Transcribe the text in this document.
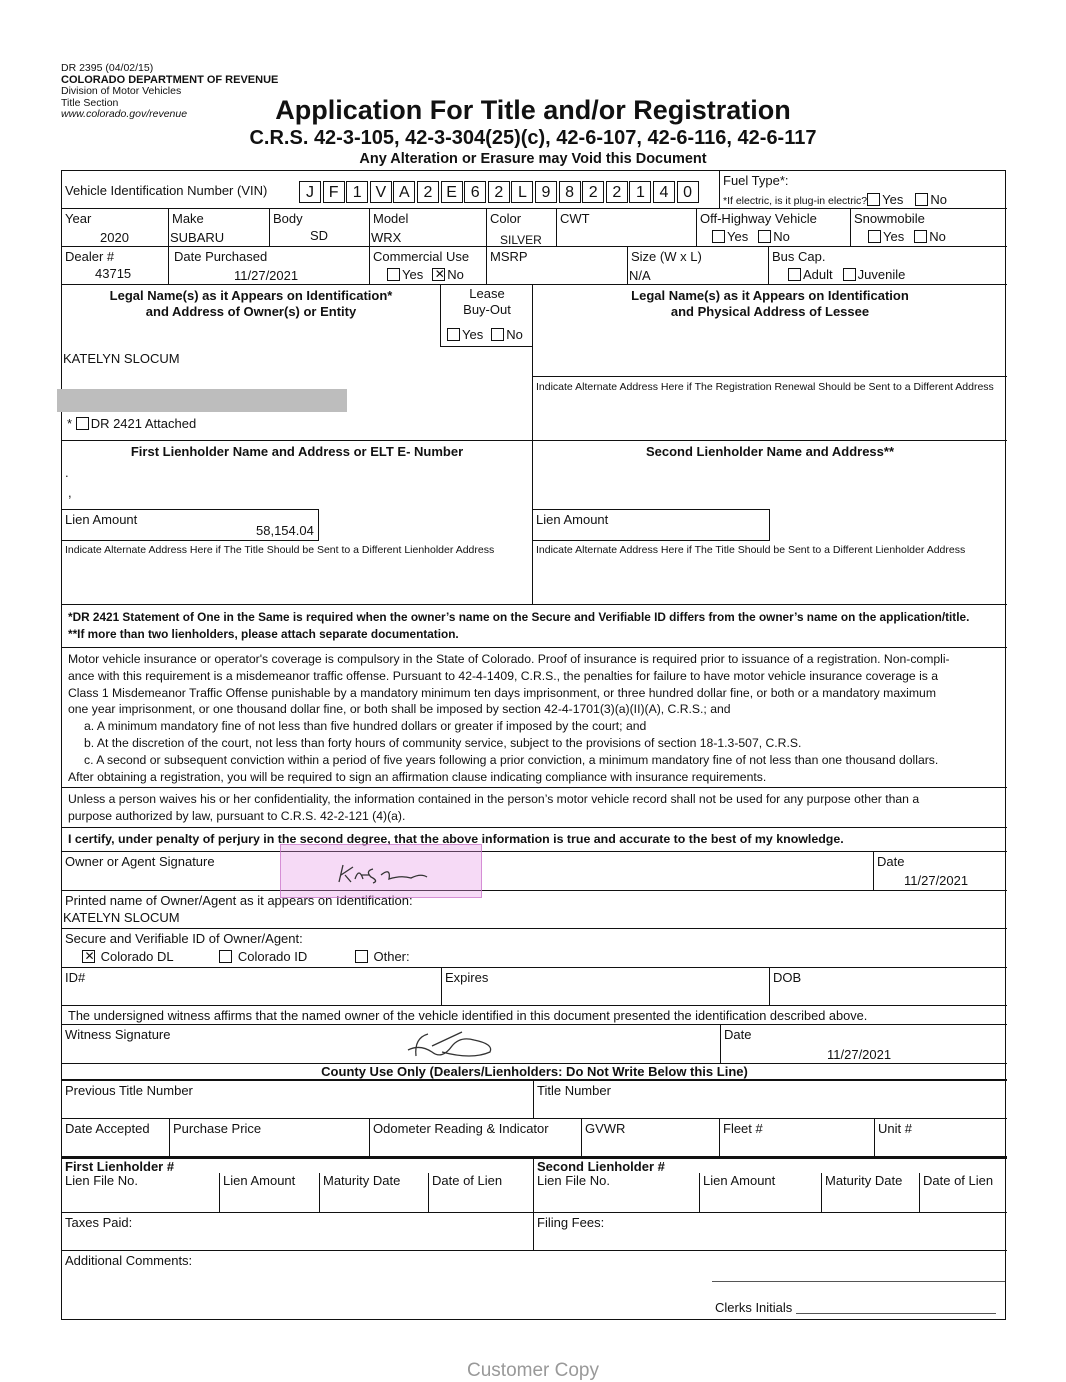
DR 2395 (04/02/15)
COLORADO DEPARTMENT OF REVENUE
Division of Motor Vehicles
Title Section
www.colorado.gov/revenue	Application For Title and/or Registration
C.R.S. 42-3-105, 42-3-304(25)(c), 42-6-107, 42-6-116, 42-6-117
Any Alteration or Erasure may Void this Document
Vehicle Identification Number (VIN)	J F 1 V A 2 E 6 2 L 9 8 2 2 1 4 0
Fuel Type*:
*If electric, is it plug-in electric? Yes No
Year
2020
Make
SUBARU
Body
SD
Model
WRX
Color
SILVER
CWT	Off-Highway Vehicle
Yes No
Snowmobile
Yes No
Dealer #
43715
Date Purchased
11/27/2021
Commercial Use
Yes✕ No
MSRP	Size (W x L)
N/A
Bus Cap.
Adult Juvenile
Legal Name(s) as it Appears on Identification*
and Address of Owner(s) or Entity
KATELYN SLOCUM
* DR 2421 Attached
Lease
Buy-Out
Yes No
Legal Name(s) as it Appears on Identification
and Physical Address of Lessee
Indicate Alternate Address Here if The Registration Renewal Should be Sent to a Different Address
First Lienholder Name and Address or ELT E- Number
.
,
Lien Amount
58,154.04
Second Lienholder Name and Address**
Lien Amount
Indicate Alternate Address Here if The Title Should be Sent to a Different Lienholder Address	Indicate Alternate Address Here if The Title Should be Sent to a Different Lienholder Address
*DR 2421 Statement of One in the Same is required when the owner’s name on the Secure and Verifiable ID differs from the owner’s name on the application/title.
**If more than two lienholders, please attach separate documentation.
Motor vehicle insurance or operator's coverage is compulsory in the State of Colorado. Proof of insurance is required prior to issuance of a registration. Non-compli-
ance with this requirement is a misdemeanor traffic offense. Pursuant to 42-4-1409, C.R.S., the penalties for failure to have motor vehicle insurance coverage is a
Class 1 Misdemeanor Traffic Offense punishable by a mandatory minimum ten days imprisonment, or three hundred dollar fine, or both or a mandatory maximum
one year imprisonment, or one thousand dollar fine, or both shall be imposed by section 42-4-1701(3)(a)(II)(A), C.R.S.; and
a. A minimum mandatory fine of not less than five hundred dollars or greater if imposed by the court; and
b. At the discretion of the court, not less than forty hours of community service, subject to the provisions of section 18-1.3-507, C.R.S.
c. A second or subsequent conviction within a period of five years following a prior conviction, a minimum mandatory fine of not less than one thousand dollars.
After obtaining a registration, you will be required to sign an affirmation clause indicating compliance with insurance requirements.
Unless a person waives his or her confidentiality, the information contained in the person’s motor vehicle record shall not be used for any purpose other than a
purpose authorized by law, pursuant to C.R.S. 42-2-121 (4)(a).
I certify, under penalty of perjury in the second degree, that the above information is true and accurate to the best of my knowledge.
Owner or Agent Signature	Date
11/27/2021
Printed name of Owner/Agent as it appears on Identification:
KATELYN SLOCUM
Secure and Verifiable ID of Owner/Agent:
✕ Colorado DL	Colorado ID	Other:
ID#	Expires	DOB
The undersigned witness affirms that the named owner of the vehicle identified in this document presented the identification described above.
Witness Signature	Date
11/27/2021
County Use Only (Dealers/Lienholders: Do Not Write Below this Line)
Previous Title Number	Title Number
Date Accepted Purchase Price	Odometer Reading & Indicator	GVWR	Fleet #	Unit #
First Lienholder #	Second Lienholder #
Lien File No.	Lien Amount Maturity Date Date of Lien	Lien File No.	Lien Amount	Maturity Date Date of Lien
Taxes Paid:	Filing Fees:
Additional Comments:
Clerks Initials
Customer Copy
